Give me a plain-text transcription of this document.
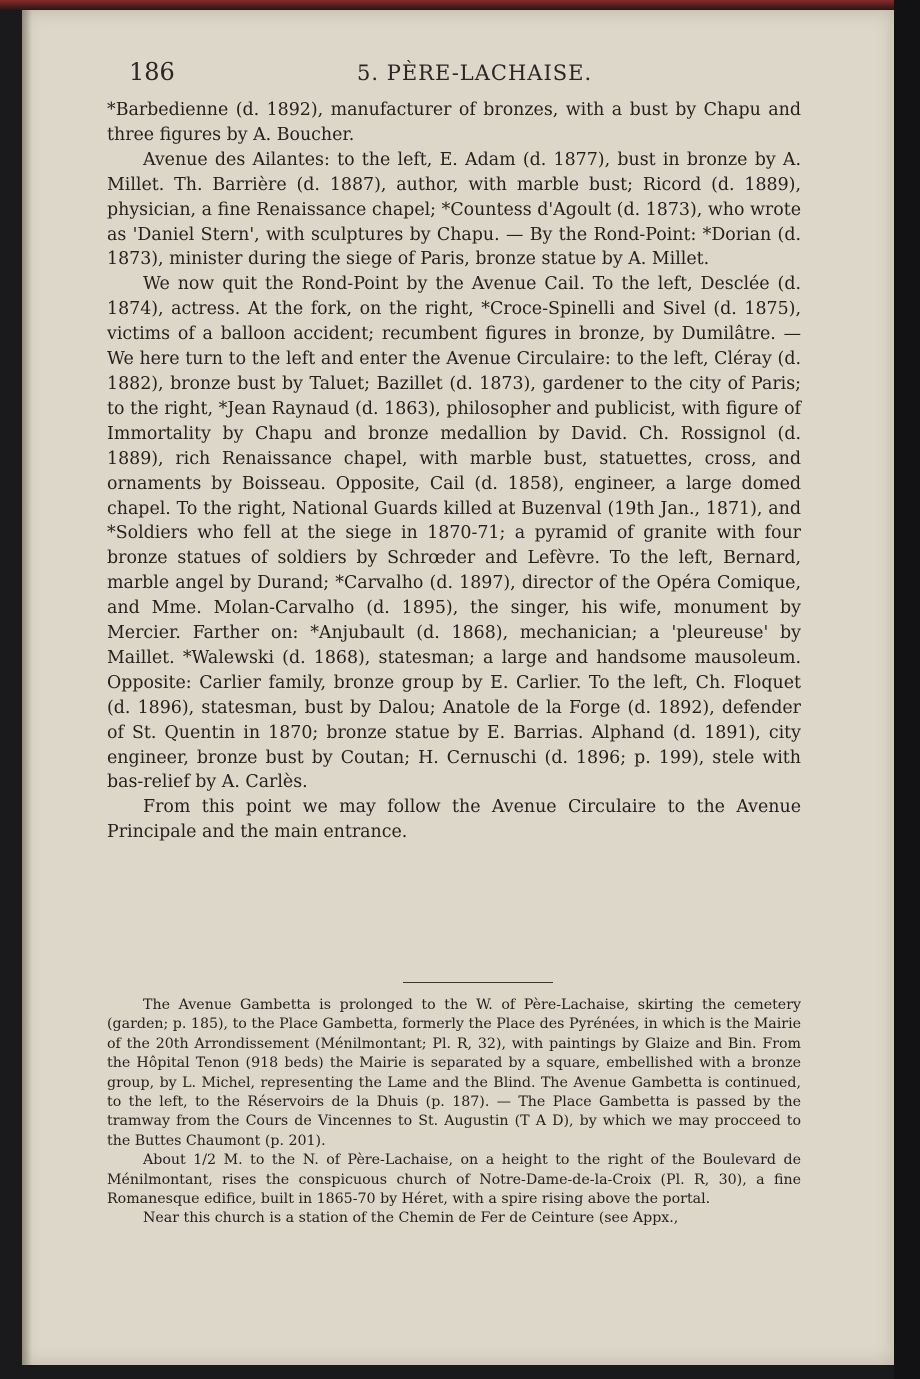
186	5. PÈRE-LACHAISE.

*Barbedienne (d. 1892), manufacturer of bronzes, with a bust by Chapu and three figures by A. Boucher.

Avenue des Ailantes: to the left, E. Adam (d. 1877), bust in bronze by A. Millet. Th. Barrière (d. 1887), author, with marble bust; Ricord (d. 1889), physician, a fine Renaissance chapel; *Countess d'Agoult (d. 1873), who wrote as 'Daniel Stern', with sculptures by Chapu. — By the Rond-Point: *Dorian (d. 1873), minister during the siege of Paris, bronze statue by A. Millet.

We now quit the Rond-Point by the Avenue Cail. To the left, Desclée (d. 1874), actress. At the fork, on the right, *Croce-Spinelli and Sivel (d. 1875), victims of a balloon accident; recumbent figures in bronze, by Dumilâtre. — We here turn to the left and enter the Avenue Circulaire: to the left, Cléray (d. 1882), bronze bust by Taluet; Bazillet (d. 1873), gardener to the city of Paris; to the right, *Jean Raynaud (d. 1863), philosopher and publicist, with figure of Immortality by Chapu and bronze medallion by David. Ch. Rossignol (d. 1889), rich Renaissance chapel, with marble bust, statuettes, cross, and ornaments by Boisseau. Opposite, Cail (d. 1858), engineer, a large domed chapel. To the right, National Guards killed at Buzenval (19th Jan., 1871), and *Soldiers who fell at the siege in 1870-71; a pyramid of granite with four bronze statues of soldiers by Schrœder and Lefèvre. To the left, Bernard, marble angel by Durand; *Carvalho (d. 1897), director of the Opéra Comique, and Mme. Molan-Carvalho (d. 1895), the singer, his wife, monument by Mercier. Farther on: *Anjubault (d. 1868), mechanician; a 'pleureuse' by Maillet. *Walewski (d. 1868), statesman; a large and handsome mausoleum. Opposite: Carlier family, bronze group by E. Carlier. To the left, Ch. Floquet (d. 1896), statesman, bust by Dalou; Anatole de la Forge (d. 1892), defender of St. Quentin in 1870; bronze statue by E. Barrias. Alphand (d. 1891), city engineer, bronze bust by Coutan; H. Cernuschi (d. 1896; p. 199), stele with bas-relief by A. Carlès.

From this point we may follow the Avenue Circulaire to the Avenue Principale and the main entrance.

The Avenue Gambetta is prolonged to the W. of Père-Lachaise, skirting the cemetery (garden; p. 185), to the Place Gambetta, formerly the Place des Pyrénées, in which is the Mairie of the 20th Arrondissement (Ménilmontant; Pl. R, 32), with paintings by Glaize and Bin. From the Hôpital Tenon (918 beds) the Mairie is separated by a square, embellished with a bronze group, by L. Michel, representing the Lame and the Blind. The Avenue Gambetta is continued, to the left, to the Réservoirs de la Dhuis (p. 187). — The Place Gambetta is passed by the tramway from the Cours de Vincennes to St. Augustin (T A D), by which we may procceed to the Buttes Chaumont (p. 201).

About 1/2 M. to the N. of Père-Lachaise, on a height to the right of the Boulevard de Ménilmontant, rises the conspicuous church of Notre-Dame-de-la-Croix (Pl. R, 30), a fine Romanesque edifice, built in 1865-70 by Héret, with a spire rising above the portal.

Near this church is a station of the Chemin de Fer de Ceinture (see Appx.,
